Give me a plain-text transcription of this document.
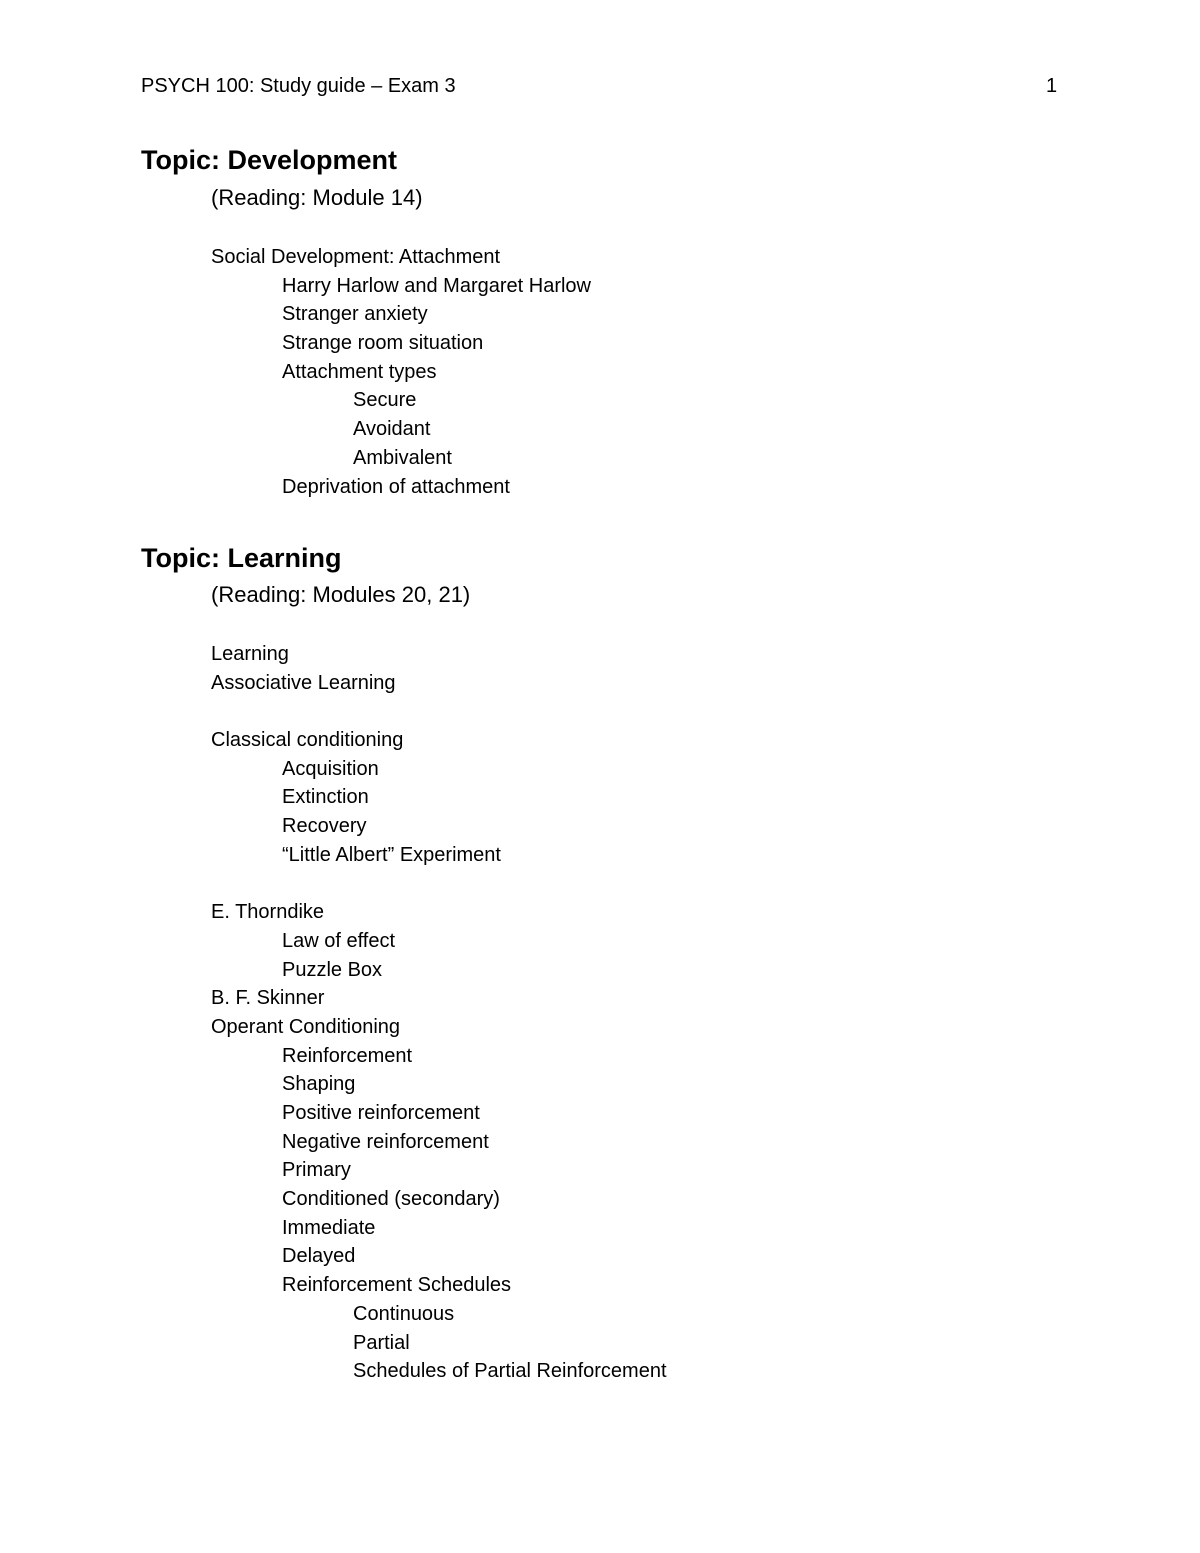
PSYCH 100: Study guide – Exam 3	1
Topic: Development
(Reading: Module 14)
Social Development: Attachment
Harry Harlow and Margaret Harlow
Stranger anxiety
Strange room situation
Attachment types
Secure
Avoidant
Ambivalent
Deprivation of attachment
Topic: Learning
(Reading: Modules 20, 21)
Learning
Associative Learning
Classical conditioning
Acquisition
Extinction
Recovery
“Little Albert” Experiment
E. Thorndike
Law of effect
Puzzle Box
B. F. Skinner
Operant Conditioning
Reinforcement
Shaping
Positive reinforcement
Negative reinforcement
Primary
Conditioned (secondary)
Immediate
Delayed
Reinforcement Schedules
Continuous
Partial
Schedules of Partial Reinforcement
